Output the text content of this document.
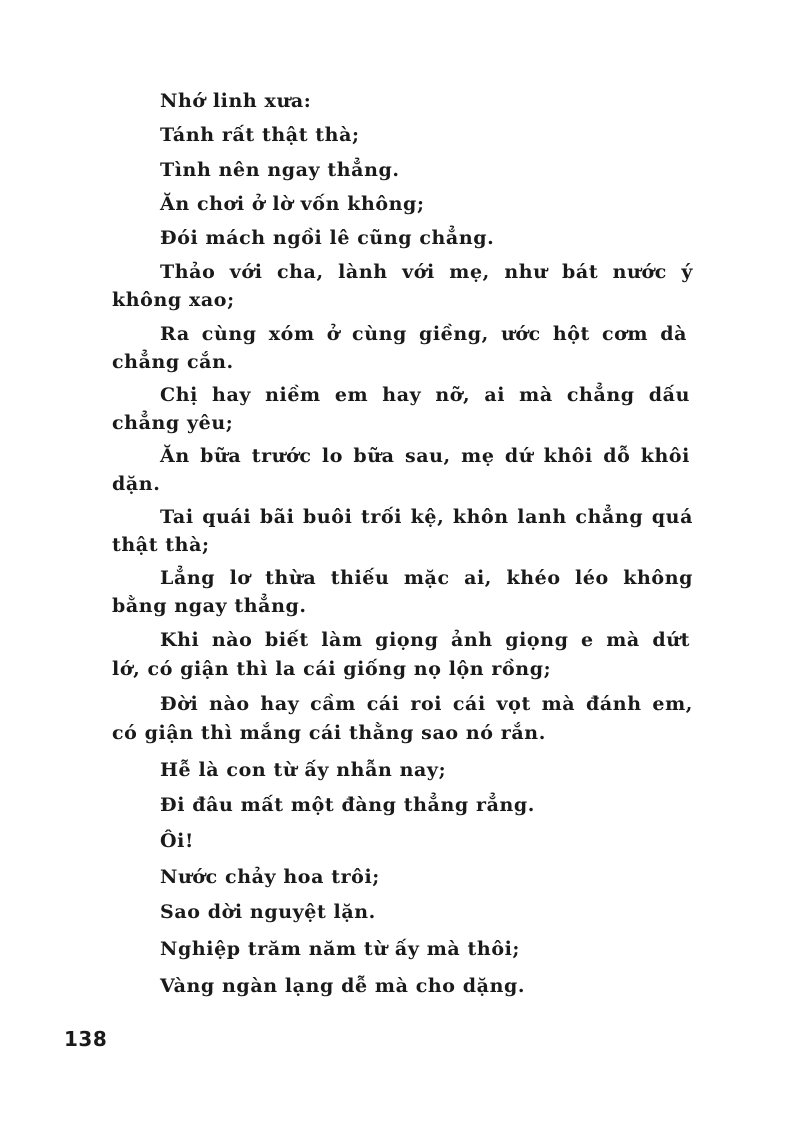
Nhớ linh xưa:
Tánh rất thật thà;
Tình nên ngay thẳng.
Ăn chơi ở lờ vốn không;
Đói mách ngồi lê cũng chẳng.
Thảo với cha, lành với mẹ, như bát nước ý
không xao;
Ra cùng xóm ở cùng giềng, ước hột cơm dà
chẳng cắn.
Chị hay niềm em hay nỡ, ai mà chẳng dấu
chẳng yêu;
Ăn bữa trước lo bữa sau, mẹ dứ khôi dỗ khôi
dặn.
Tai quái bãi buôi trối kệ, khôn lanh chẳng quá
thật thà;
Lẳng lơ thừa thiếu mặc ai, khéo léo không
bằng ngay thẳng.
Khi nào biết làm giọng ảnh giọng e mà dứt
lớ, có giận thì la cái giống nọ lộn rồng;
Đời nào hay cầm cái roi cái vọt mà đánh em,
có giận thì mắng cái thằng sao nó rắn.
Hễ là con từ ấy nhẫn nay;
Đi đâu mất một đàng thẳng rẳng.
Ôi!
Nước chảy hoa trôi;
Sao dời nguyệt lặn.
Nghiệp trăm năm từ ấy mà thôi;
Vàng ngàn lạng dễ mà cho dặng.
138
